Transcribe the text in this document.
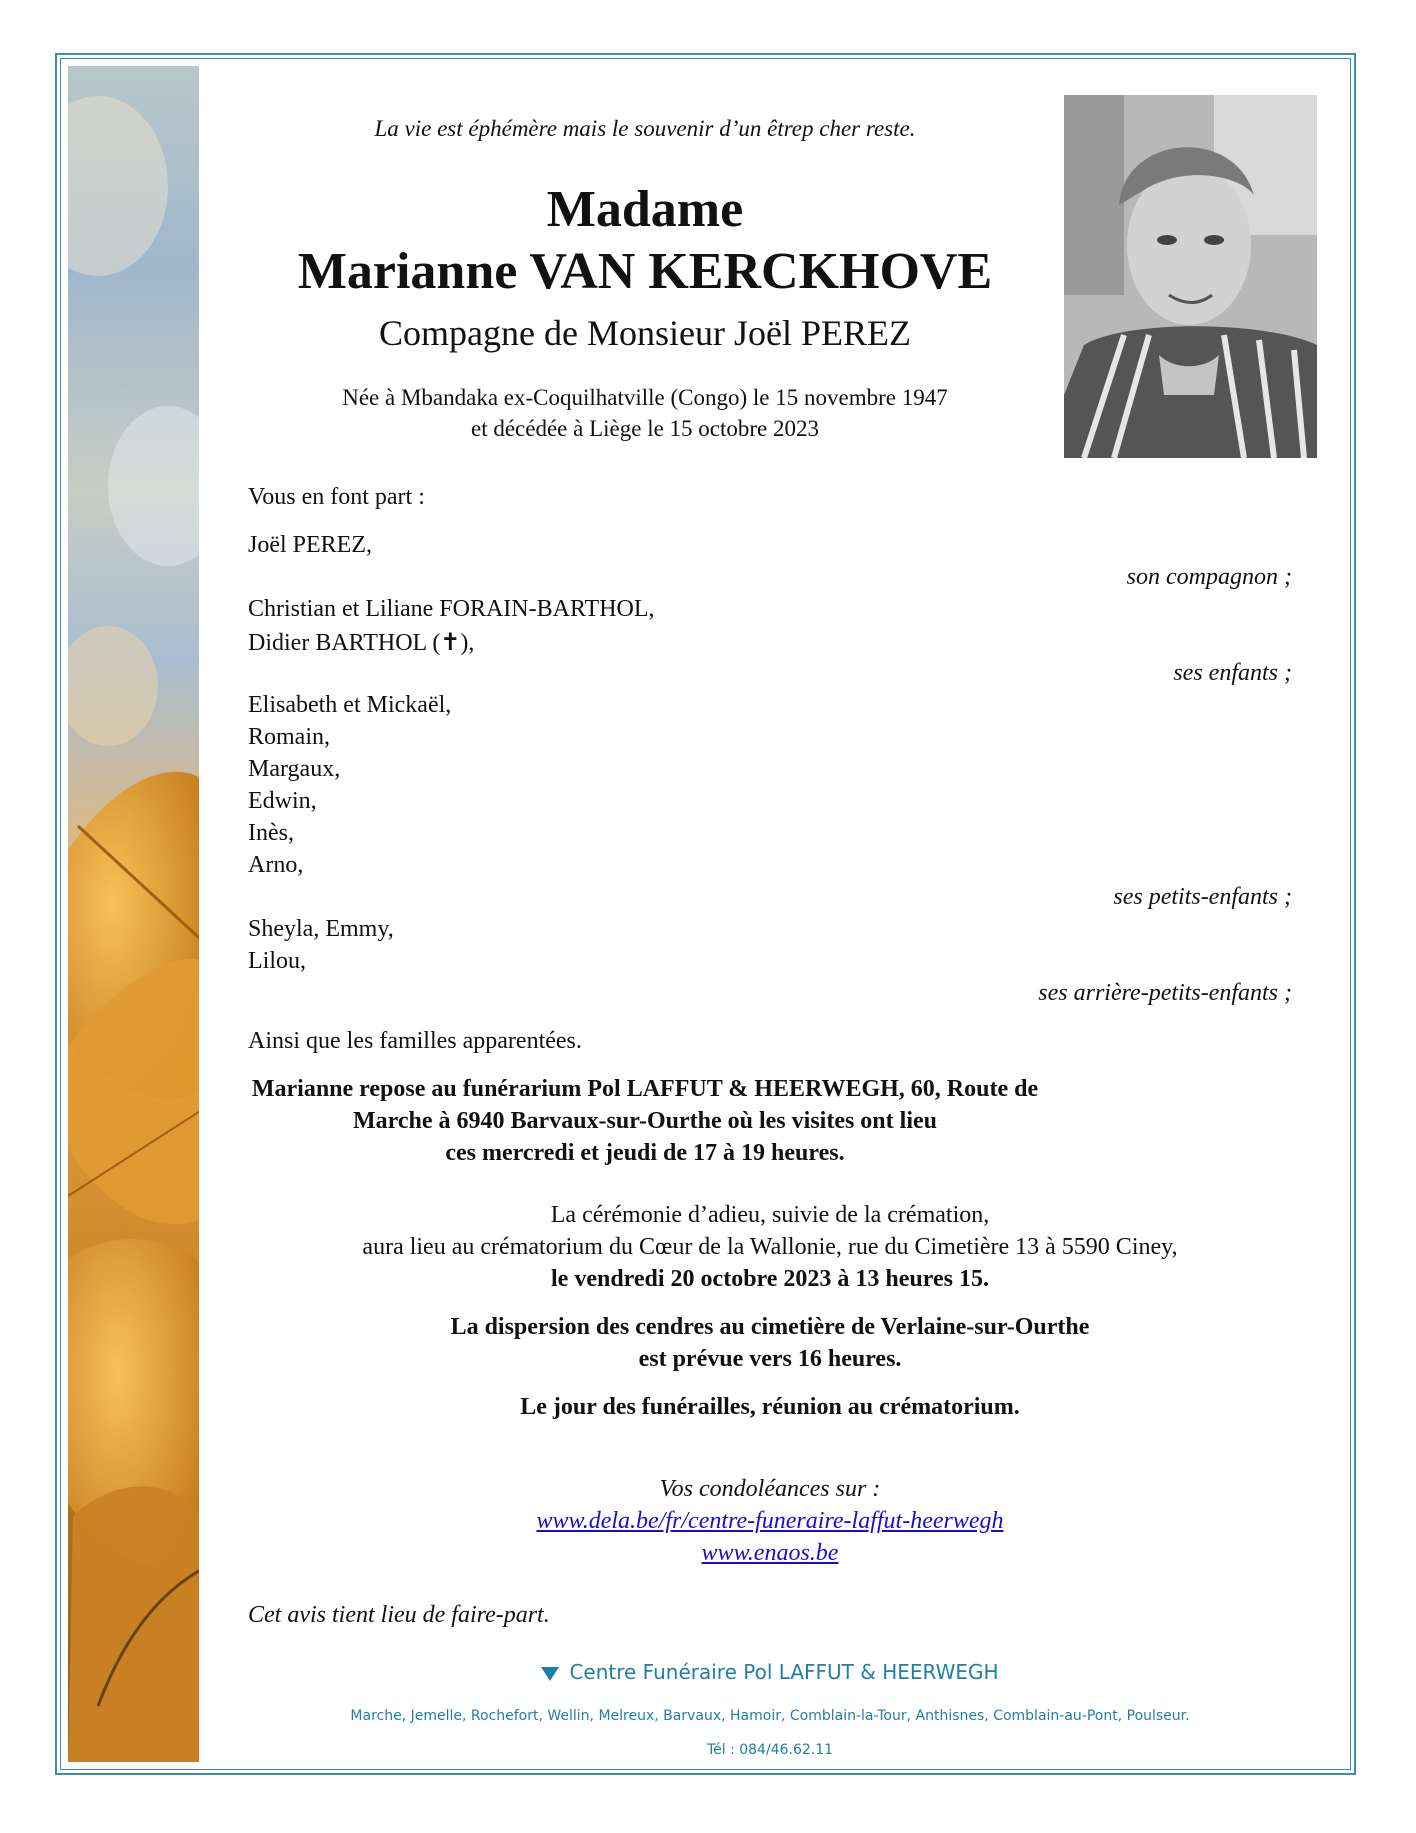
La vie est éphémère mais le souvenir d’un êtrep cher reste.
Madame
Marianne VAN KERCKHOVE
Compagne de Monsieur Joël PEREZ
Née à Mbandaka ex-Coquilhatville (Congo) le 15 novembre 1947
et décédée à Liège le 15 octobre 2023
Vous en font part :
Joël PEREZ,
son compagnon ;
Christian et Liliane FORAIN-BARTHOL,
Didier BARTHOL (✝),
ses enfants ;
Elisabeth et Mickaël,
Romain,
Margaux,
Edwin,
Inès,
Arno,
ses petits-enfants ;
Sheyla, Emmy,
Lilou,
ses arrière-petits-enfants ;
Ainsi que les familles apparentées.
Marianne repose au funérarium Pol LAFFUT & HEERWEGH, 60, Route de
Marche à 6940 Barvaux-sur-Ourthe où les visites ont lieu
ces mercredi et jeudi de 17 à 19 heures.
La cérémonie d’adieu, suivie de la crémation,
aura lieu au crématorium du Cœur de la Wallonie, rue du Cimetière 13 à 5590 Ciney,
le vendredi 20 octobre 2023 à 13 heures 15.
La dispersion des cendres au cimetière de Verlaine-sur-Ourthe
est prévue vers 16 heures.
Le jour des funérailles, réunion au crématorium.
Vos condoléances sur :
www.dela.be/fr/centre-funeraire-laffut-heerwegh
www.enaos.be
Cet avis tient lieu de faire-part.
Centre Funéraire Pol LAFFUT & HEERWEGH
Marche, Jemelle, Rochefort, Wellin, Melreux, Barvaux, Hamoir, Comblain-la-Tour, Anthisnes, Comblain-au-Pont, Poulseur.
Tél : 084/46.62.11
